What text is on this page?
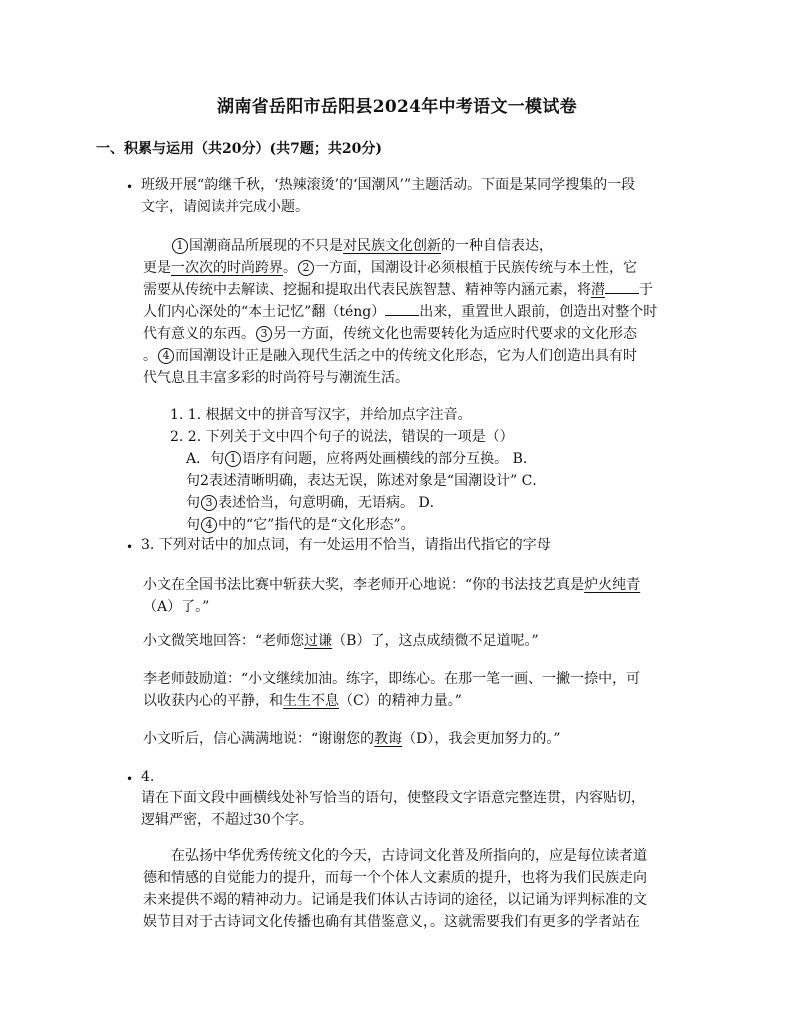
湖南省岳阳市岳阳县2024年中考语文一模试卷
一、积累与运用（共20分）(共7题；共20分)
• 班级开展“韵继千秋，‘热辣滚烫’的‘国潮风’”主题活动。下面是某同学搜集的一段
文字，请阅读并完成小题。
1 国潮商品所展现的不只是对民族文化创新的一种自信表达，
更是一次次的时尚跨界。 2 一方面，国潮设计必须根植于民族传统与本土性，它
需要从传统中去解读、挖掘和提取出代表民族智慧、精神等内涵元素，将潜 于
人们内心深处的“本土记忆”翻（téng） 出来，重置世人跟前，创造出对整个时
代有意义的东西。 3 另一方面，传统文化也需要转化为适应时代要求的文化形态
。 4 而国潮设计正是融入现代生活之中的传统文化形态，它为人们创造出具有时
代气息且丰富多彩的时尚符号与潮流生活。
1. 1. 根据文中的拼音写汉字，并给加点字注音。
2. 2. 下列关于文中四个句子的说法，错误的一项是（）
A．句 1 语序有问题，应将两处画横线的部分互换。 B．
句2表述清晰明确，表达无误，陈述对象是“国潮设计” C．
句 3 表述恰当，句意明确，无语病。 D．
句 4 中的“它”指代的是“文化形态”。
• 3. 下列对话中的加点词，有一处运用不恰当，请指出代指它的字母
小文在全国书法比赛中斩获大奖，李老师开心地说：“你的书法技艺真是炉火纯青
（A）了。”
小文微笑地回答：“老师您过谦（B）了，这点成绩微不足道呢。”
李老师鼓励道：“小文继续加油。练字，即练心。在那一笔一画、一撇一捺中，可
以收获内心的平静，和生生不息（C）的精神力量。”
小文听后，信心满满地说：“谢谢您的教诲（D），我会更加努力的。”
• 4.
请在下面文段中画横线处补写恰当的语句，使整段文字语意完整连贯，内容贴切，
逻辑严密，不超过30个字。
在弘扬中华优秀传统文化的今天，古诗词文化普及所指向的，应是每位读者道
德和情感的自觉能力的提升，而每一个个体人文素质的提升，也将为我们民族走向
未来提供不竭的精神动力。记诵是我们体认古诗词的途径，以记诵为评判标准的文
娱节目对于古诗词文化传播也确有其借鉴意义，。这就需要我们有更多的学者站在
